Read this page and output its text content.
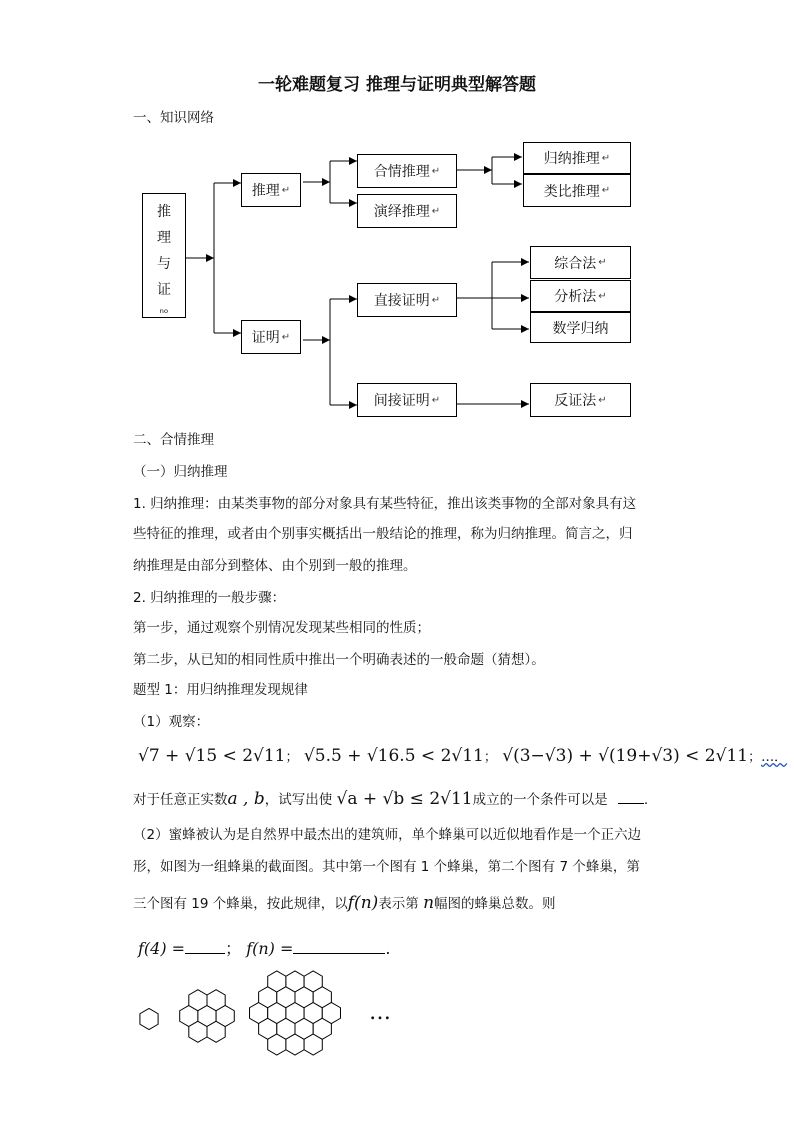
一轮难题复习 推理与证明典型解答题
一、知识网络
推
理
与
证
ₙₒ
推理 ↵
证明 ↵
合情推理 ↵
演绎推理 ↵
归纳推理 ↵
类比推理 ↵
直接证明 ↵
间接证明 ↵
综合法 ↵
分析法 ↵
数学归纳
反证法 ↵
二、合情推理
（一）归纳推理
1. 归纳推理：由某类事物的部分对象具有某些特征，推出该类事物的全部对象具有这
些特征的推理，或者由个别事实概括出一般结论的推理，称为归纳推理。简言之，归
纳推理是由部分到整体、由个别到一般的推理。
2. 归纳推理的一般步骤：
第一步，通过观察个别情况发现某些相同的性质；
第二步，从已知的相同性质中推出一个明确表述的一般命题（猜想）。
题型 1：用归纳推理发现规律
（1）观察：
√7 + √15 < 2√11； √5.5 + √16.5 < 2√11； √(3−√3) + √(19+√3) < 2√11；…．
对于任意正实数a , b，试写出使 √a + √b ≤ 2√11成立的一个条件可以是	.
（2）蜜蜂被认为是自然界中最杰出的建筑师，单个蜂巢可以近似地看作是一个正六边
形，如图为一组蜂巢的截面图。其中第一个图有 1 个蜂巢，第二个图有 7 个蜂巢，第
三个图有 19 个蜂巢，按此规律，以f(n)表示第 n幅图的蜂巢总数。则
f(4) =	； f(n) =	.
…
